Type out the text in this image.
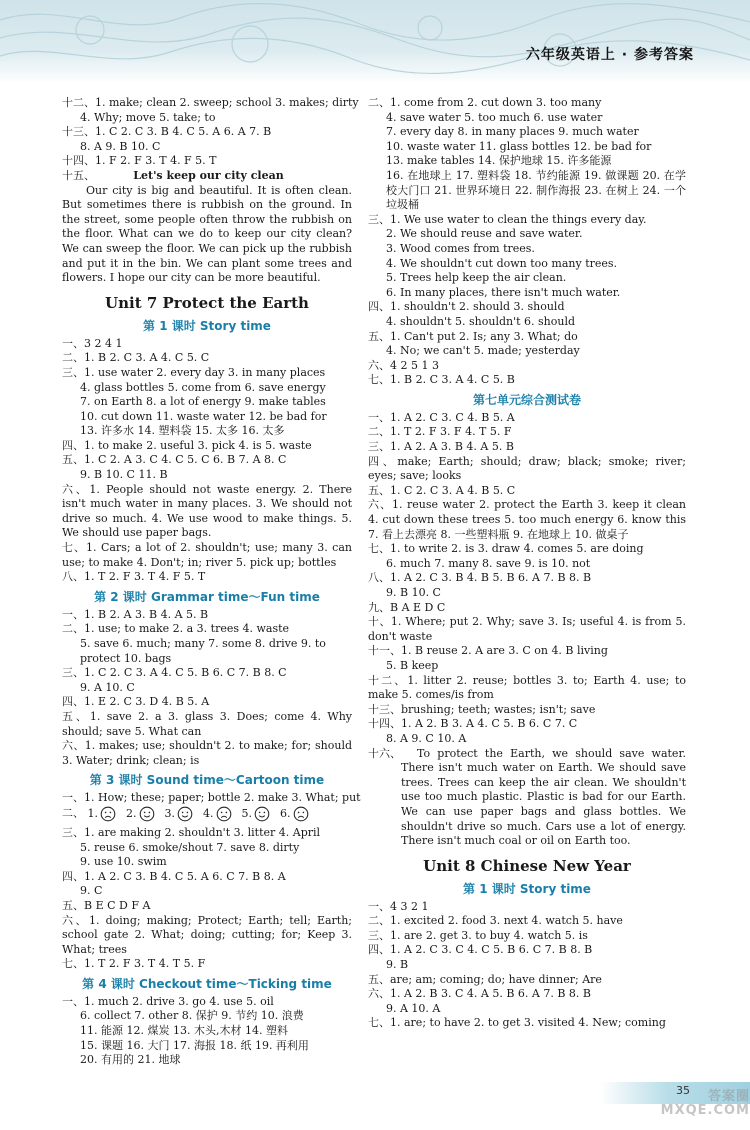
六年级英语上 · 参考答案
十二、1. make; clean 2. sweep; school 3. makes; dirty
4. Why; move 5. take; to
十三、1. C 2. C 3. B 4. C 5. A 6. A 7. B
8. A 9. B 10. C
十四、1. F 2. F 3. T 4. F 5. T
十五、	Let's keep our city clean
Our city is big and beautiful. It is often clean. But sometimes there is rubbish on the ground. In the street, some people often throw the rubbish on the floor. What can we do to keep our city clean? We can sweep the floor. We can pick up the rubbish and put it in the bin. We can plant some trees and flowers. I hope our city can be more beautiful.
Unit 7 Protect the Earth
第 1 课时 Story time
一、3 2 4 1
二、1. B 2. C 3. A 4. C 5. C
三、1. use water 2. every day 3. in many places
4. glass bottles 5. come from 6. save energy
7. on Earth 8. a lot of energy 9. make tables
10. cut down 11. waste water 12. be bad for
13. 许多水 14. 塑料袋 15. 太多 16. 太多
四、1. to make 2. useful 3. pick 4. is 5. waste
五、1. C 2. A 3. C 4. C 5. C 6. B 7. A 8. C
9. B 10. C 11. B
六、1. People should not waste energy. 2. There isn't much water in many places. 3. We should not drive so much. 4. We use wood to make things. 5. We should use paper bags.
七、1. Cars; a lot of 2. shouldn't; use; many 3. can use; to make 4. Don't; in; river 5. pick up; bottles
八、1. T 2. F 3. T 4. F 5. T
第 2 课时 Grammar time～Fun time
一、1. B 2. A 3. B 4. A 5. B
二、1. use; to make 2. a 3. trees 4. waste
5. save 6. much; many 7. some 8. drive 9. to
protect 10. bags
三、1. C 2. C 3. A 4. C 5. B 6. C 7. B 8. C
9. A 10. C
四、1. E 2. C 3. D 4. B 5. A
五、1. save 2. a 3. glass 3. Does; come 4. Why should; save 5. What can
六、1. makes; use; shouldn't 2. to make; for; should 3. Water; drink; clean; is
第 3 课时 Sound time～Cartoon time
一、1. How; these; paper; bottle 2. make 3. What; put
二、 1.	2.	3.	4.	5.	6.
三、1. are making 2. shouldn't 3. litter 4. April
5. reuse 6. smoke/shout 7. save 8. dirty
9. use 10. swim
四、1. A 2. C 3. B 4. C 5. A 6. C 7. B 8. A
9. C
五、B E C D F A
六、1. doing; making; Protect; Earth; tell; Earth; school gate 2. What; doing; cutting; for; Keep 3. What; trees
七、1. T 2. F 3. T 4. T 5. F
第 4 课时 Checkout time～Ticking time
一、1. much 2. drive 3. go 4. use 5. oil
6. collect 7. other 8. 保护 9. 节约 10. 浪费
11. 能源 12. 煤炭 13. 木头,木材 14. 塑料
15. 课题 16. 大门 17. 海报 18. 纸 19. 再利用
20. 有用的 21. 地球
二、1. come from 2. cut down 3. too many
4. save water 5. too much 6. use water
7. every day 8. in many places 9. much water
10. waste water 11. glass bottles 12. be bad for
13. make tables 14. 保护地球 15. 许多能源
16. 在地球上 17. 塑料袋 18. 节约能源 19. 做课题 20. 在学校大门口 21. 世界环境日 22. 制作海报 23. 在树上 24. 一个垃圾桶
三、1. We use water to clean the things every day.
2. We should reuse and save water.
3. Wood comes from trees.
4. We shouldn't cut down too many trees.
5. Trees help keep the air clean.
6. In many places, there isn't much water.
四、1. shouldn't 2. should 3. should
4. shouldn't 5. shouldn't 6. should
五、1. Can't put 2. Is; any 3. What; do
4. No; we can't 5. made; yesterday
六、4 2 5 1 3
七、1. B 2. C 3. A 4. C 5. B
第七单元综合测试卷
一、1. A 2. C 3. C 4. B 5. A
二、1. T 2. F 3. F 4. T 5. F
三、1. A 2. A 3. B 4. A 5. B
四、make; Earth; should; draw; black; smoke; river; eyes; save; looks
五、1. C 2. C 3. A 4. B 5. C
六、1. reuse water 2. protect the Earth 3. keep it clean 4. cut down these trees 5. too much energy 6. know this 7. 看上去漂亮 8. 一些塑料瓶 9. 在地球上 10. 做桌子
七、1. to write 2. is 3. draw 4. comes 5. are doing
6. much 7. many 8. save 9. is 10. not
八、1. A 2. C 3. B 4. B 5. B 6. A 7. B 8. B
9. B 10. C
九、B A E D C
十、1. Where; put 2. Why; save 3. Is; useful 4. is from 5. don't waste
十一、1. B reuse 2. A are 3. C on 4. B living
5. B keep
十二、1. litter 2. reuse; bottles 3. to; Earth 4. use; to make 5. comes/is from
十三、brushing; teeth; wastes; isn't; save
十四、1. A 2. B 3. A 4. C 5. B 6. C 7. C
8. A 9. C 10. A
十六、	To protect the Earth, we should save water. There isn't much water on Earth. We should save trees. Trees can keep the air clean. We shouldn't use too much plastic. Plastic is bad for our Earth. We can use paper bags and glass bottles. We shouldn't drive so much. Cars use a lot of energy. There isn't much coal or oil on Earth too.
Unit 8 Chinese New Year
第 1 课时 Story time
一、4 3 2 1
二、1. excited 2. food 3. next 4. watch 5. have
三、1. are 2. get 3. to buy 4. watch 5. is
四、1. A 2. C 3. C 4. C 5. B 6. C 7. B 8. B
9. B
五、are; am; coming; do; have dinner; Are
六、1. A 2. B 3. C 4. A 5. B 6. A 7. B 8. B
9. A 10. A
七、1. are; to have 2. to get 3. visited 4. New; coming
35	答案圈
MXQE.COM
